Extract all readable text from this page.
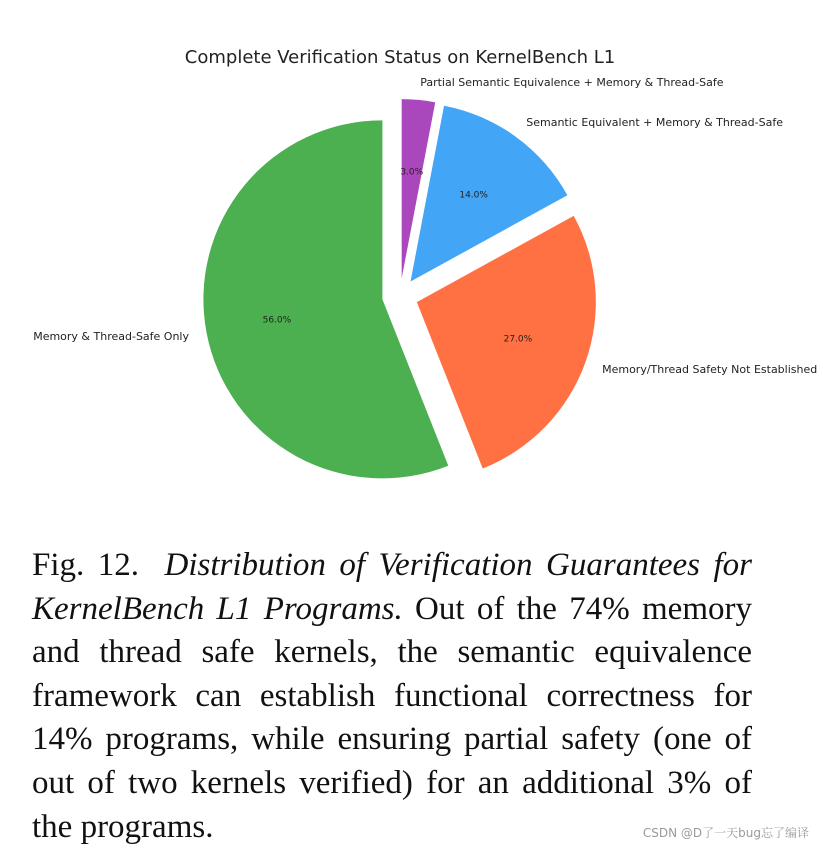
Complete Verification Status on KernelBench L1
3.0%
Partial Semantic Equivalence + Memory & Thread-Safe
14.0%
Semantic Equivalent + Memory & Thread-Safe
27.0%
Memory/Thread Safety Not Established
56.0%
Memory & Thread-Safe Only
Fig. 12. Distribution of Verification Guarantees for KernelBench L1 Programs. Out of the 74% memory and thread safe kernels, the semantic equivalence framework can establish functional correctness for 14% programs, while ensuring partial safety (one of out of two kernels verified) for an additional 3% of the programs.	CSDN @D了一天bug忘了编译
